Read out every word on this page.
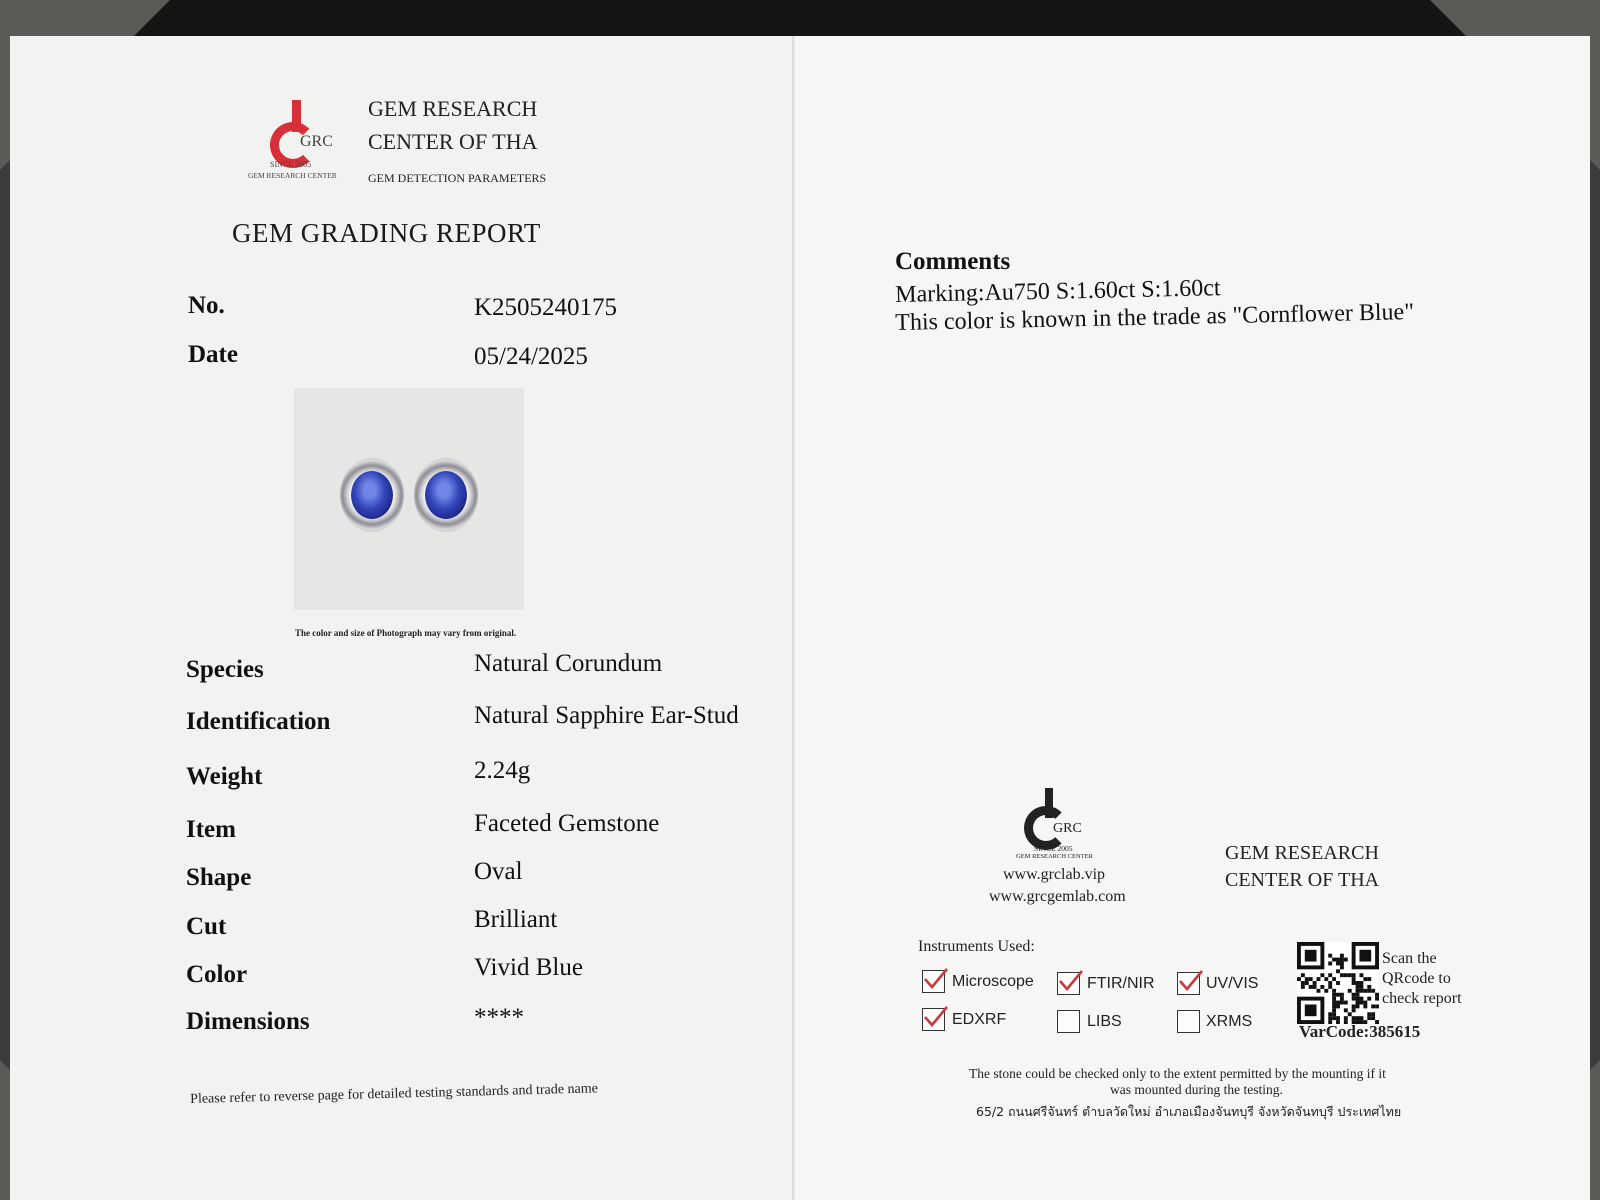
GRC
SINCE 2005
GEM RESEARCH CENTER
GEM RESEARCH
CENTER OF THA
GEM DETECTION PARAMETERS
GEM GRADING REPORT
No.	K2505240175
Date	05/24/2025
The color and size of Photograph may vary from original.
Species	Natural Corundum
Identification	Natural Sapphire Ear-Stud
Weight	2.24g
Item	Faceted Gemstone
Shape	Oval
Cut	Brilliant
Color	Vivid Blue
Dimensions	****
Please refer to reverse page for detailed testing standards and trade name
Comments
Marking:Au750 S:1.60ct S:1.60ct
This color is known in the trade as "Cornflower Blue"
GRC
SINCE 2005
GEM RESEARCH CENTER
www.grclab.vip
www.grcgemlab.com
GEM RESEARCH
CENTER OF THA
Instruments Used:
Microscope	FTIR/NIR	UV/VIS
EDXRF	LIBS	XRMS
Scan the
QRcode to
check report
VarCode:385615
The stone could be checked only to the extent permitted by the mounting if it
was mounted during the testing.
65/2 ถนนศรีจันทร์ ตำบลวัดใหม่ อำเภอเมืองจันทบุรี จังหวัดจันทบุรี ประเทศไทย
